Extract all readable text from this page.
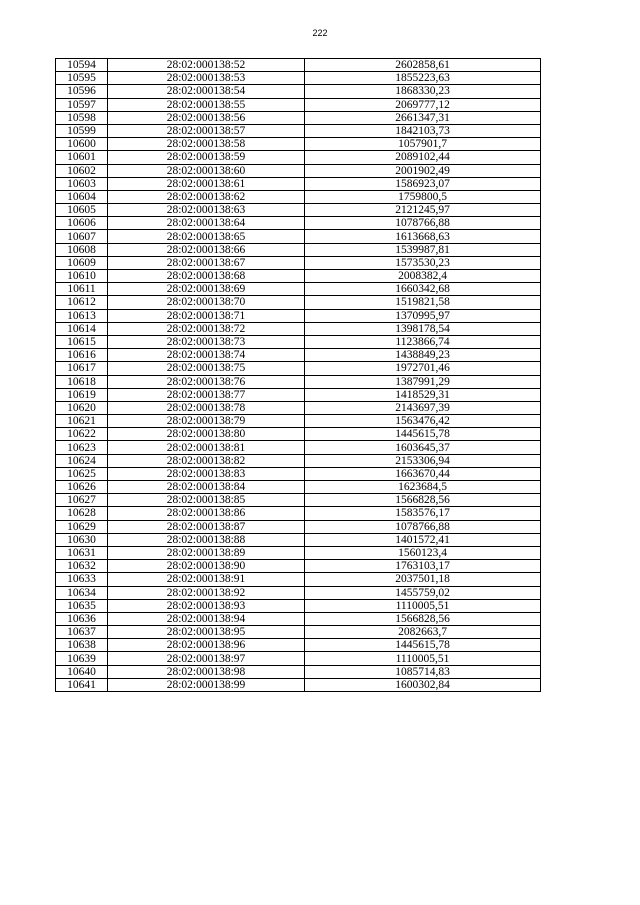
222
10594	28:02:000138:52	2602858,61
10595	28:02:000138:53	1855223,63
10596	28:02:000138:54	1868330,23
10597	28:02:000138:55	2069777,12
10598	28:02:000138:56	2661347,31
10599	28:02:000138:57	1842103,73
10600	28:02:000138:58	1057901,7
10601	28:02:000138:59	2089102,44
10602	28:02:000138:60	2001902,49
10603	28:02:000138:61	1586923,07
10604	28:02:000138:62	1759800,5
10605	28:02:000138:63	2121245,97
10606	28:02:000138:64	1078766,88
10607	28:02:000138:65	1613668,63
10608	28:02:000138:66	1539987,81
10609	28:02:000138:67	1573530,23
10610	28:02:000138:68	2008382,4
10611	28:02:000138:69	1660342,68
10612	28:02:000138:70	1519821,58
10613	28:02:000138:71	1370995,97
10614	28:02:000138:72	1398178,54
10615	28:02:000138:73	1123866,74
10616	28:02:000138:74	1438849,23
10617	28:02:000138:75	1972701,46
10618	28:02:000138:76	1387991,29
10619	28:02:000138:77	1418529,31
10620	28:02:000138:78	2143697,39
10621	28:02:000138:79	1563476,42
10622	28:02:000138:80	1445615,78
10623	28:02:000138:81	1603645,37
10624	28:02:000138:82	2153306,94
10625	28:02:000138:83	1663670,44
10626	28:02:000138:84	1623684,5
10627	28:02:000138:85	1566828,56
10628	28:02:000138:86	1583576,17
10629	28:02:000138:87	1078766,88
10630	28:02:000138:88	1401572,41
10631	28:02:000138:89	1560123,4
10632	28:02:000138:90	1763103,17
10633	28:02:000138:91	2037501,18
10634	28:02:000138:92	1455759,02
10635	28:02:000138:93	1110005,51
10636	28:02:000138:94	1566828,56
10637	28:02:000138:95	2082663,7
10638	28:02:000138:96	1445615,78
10639	28:02:000138:97	1110005,51
10640	28:02:000138:98	1085714,83
10641	28:02:000138:99	1600302,84
